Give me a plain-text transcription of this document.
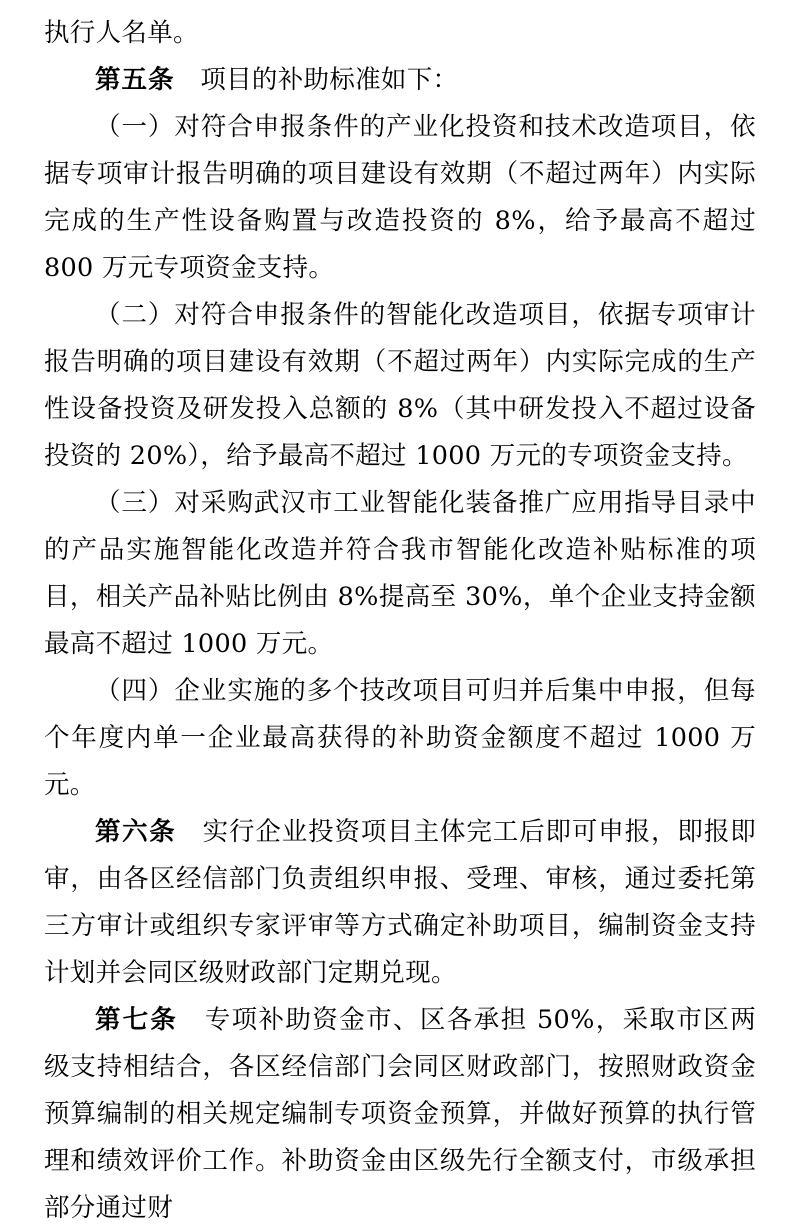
执行人名单。

第五条　项目的补助标准如下：

（一）对符合申报条件的产业化投资和技术改造项目，依据专项审计报告明确的项目建设有效期（不超过两年）内实际完成的生产性设备购置与改造投资的 8%，给予最高不超过 800 万元专项资金支持。

（二）对符合申报条件的智能化改造项目，依据专项审计报告明确的项目建设有效期（不超过两年）内实际完成的生产性设备投资及研发投入总额的 8%（其中研发投入不超过设备投资的 20%），给予最高不超过 1000 万元的专项资金支持。

（三）对采购武汉市工业智能化装备推广应用指导目录中的产品实施智能化改造并符合我市智能化改造补贴标准的项目，相关产品补贴比例由 8%提高至 30%，单个企业支持金额最高不超过 1000 万元。

（四）企业实施的多个技改项目可归并后集中申报，但每个年度内单一企业最高获得的补助资金额度不超过 1000 万元。

第六条　实行企业投资项目主体完工后即可申报，即报即审，由各区经信部门负责组织申报、受理、审核，通过委托第三方审计或组织专家评审等方式确定补助项目，编制资金支持计划并会同区级财政部门定期兑现。

第七条　专项补助资金市、区各承担 50%，采取市区两级支持相结合，各区经信部门会同区财政部门，按照财政资金预算编制的相关规定编制专项资金预算，并做好预算的执行管理和绩效评价工作。补助资金由区级先行全额支付，市级承担部分通过财
